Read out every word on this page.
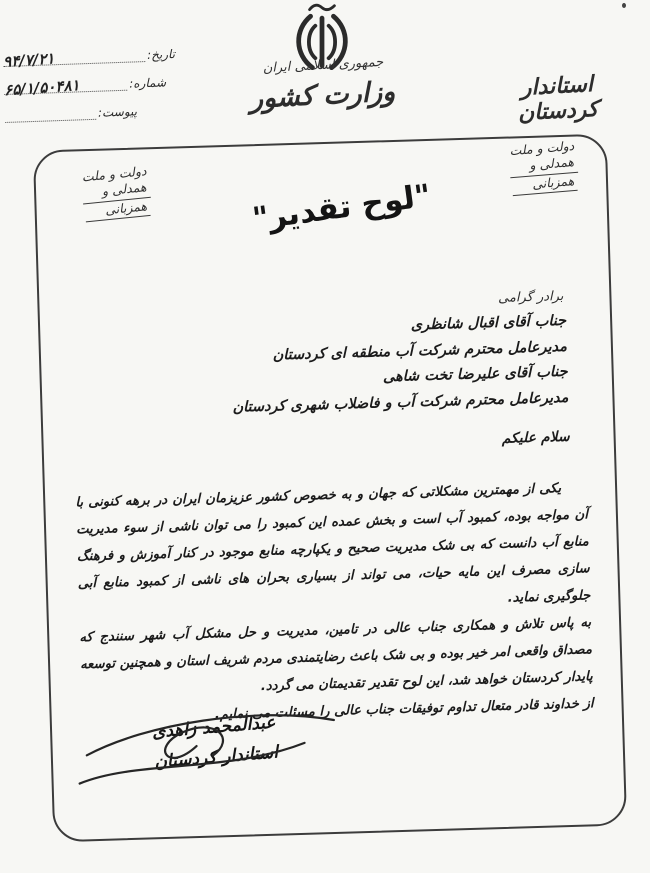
جمهوری اسلامی ایران
وزارت کشور	استاندار کردستان
تاریخ:
۹۴/۷/۲۱
شماره:
۶۵/۱/۵۰۴۸۱
پیوست:
دولت و ملت
همدلی و
همزبانی
دولت و ملت
همدلی و
همزبانی	"لوح تقدیر"
برادر گرامی
جناب آقای اقبال شانظری
مدیرعامل محترم شرکت آب منطقه ای کردستان
جناب آقای علیرضا تخت شاهی
مدیرعامل محترم شرکت آب و فاضلاب شهری کردستان
سلام علیکم

یکی از مهمترین مشکلاتی که جهان و به خصوص کشور عزیزمان ایران در برهه کنونی با آن مواجه بوده، کمبود آب است و بخش عمده این کمبود را می توان ناشی از سوء مدیریت منابع آب دانست که بی شک مدیریت صحیح و یکپارچه منابع موجود در کنار آموزش و فرهنگ سازی مصرف این مایه حیات، می تواند از بسیاری بحران های ناشی از کمبود منابع آبی جلوگیری نماید.

به پاس تلاش و همکاری جناب عالی در تامین، مدیریت و حل مشکل آب شهر سنندج که مصداق واقعی امر خیر بوده و بی شک باعث رضایتمندی مردم شریف استان و همچنین توسعه پایدار کردستان خواهد شد، این لوح تقدیر تقدیمتان می گردد.

از خداوند قادر متعال تداوم توفیقات جناب عالی را مسئلت می نمایم.

عبدالمحمد زاهدی
استاندار کردستان
